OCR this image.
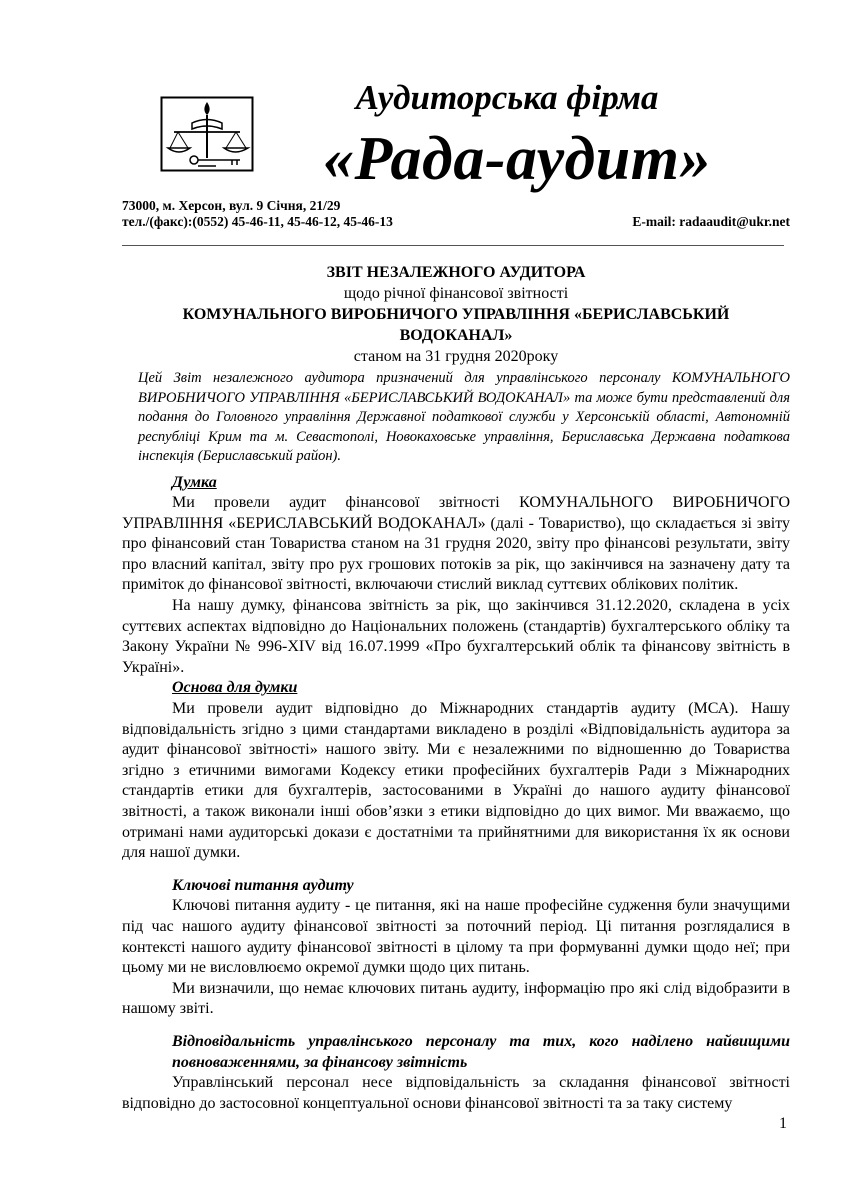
Аудиторська фірма
«Рада-аудит»
73000, м. Херсон, вул. 9 Січня, 21/29
тел./(факс):(0552) 45-46-11, 45-46-12, 45-46-13	E-mail: radaaudit@ukr.net
ЗВІТ НЕЗАЛЕЖНОГО АУДИТОРА
щодо річної фінансової звітності
КОМУНАЛЬНОГО ВИРОБНИЧОГО УПРАВЛІННЯ «БЕРИСЛАВСЬКИЙ
ВОДОКАНАЛ»
станом на 31 грудня 2020року

Цей Звіт незалежного аудитора призначений для управлінського персоналу КОМУНАЛЬНОГО ВИРОБНИЧОГО УПРАВЛІННЯ «БЕРИСЛАВСЬКИЙ ВОДОКАНАЛ» та може бути представлений для подання до Головного управління Державної податкової служби у Херсонській області, Автономній республіці Крим та м. Севастополі, Новокаховське управління, Бериславська Державна податкова інспекція (Бериславський район).

Думка

Ми провели аудит фінансової звітності КОМУНАЛЬНОГО ВИРОБНИЧОГО УПРАВЛІННЯ «БЕРИСЛАВСЬКИЙ ВОДОКАНАЛ» (далі - Товариство), що складається зі звіту про фінансовий стан Товариства станом на 31 грудня 2020, звіту про фінансові результати, звіту про власний капітал, звіту про рух грошових потоків за рік, що закінчився на зазначену дату та приміток до фінансової звітності, включаючи стислий виклад суттєвих облікових політик.

На нашу думку, фінансова звітність за рік, що закінчився 31.12.2020, складена в усіх суттєвих аспектах відповідно до Національних положень (стандартів) бухгалтерського обліку та Закону України № 996-XIV від 16.07.1999 «Про бухгалтерський облік та фінансову звітність в Україні».

Основа для думки

Ми провели аудит відповідно до Міжнародних стандартів аудиту (МСА). Нашу відповідальність згідно з цими стандартами викладено в розділі «Відповідальність аудитора за аудит фінансової звітності» нашого звіту. Ми є незалежними по відношенню до Товариства згідно з етичними вимогами Кодексу етики професійних бухгалтерів Ради з Міжнародних стандартів етики для бухгалтерів, застосованими в Україні до нашого аудиту фінансової звітності, а також виконали інші обов’язки з етики відповідно до цих вимог. Ми вважаємо, що отримані нами аудиторські докази є достатніми та прийнятними для використання їх як основи для нашої думки.

Ключові питання аудиту

Ключові питання аудиту - це питання, які на наше професійне судження були значущими під час нашого аудиту фінансової звітності за поточний період. Ці питання розглядалися в контексті нашого аудиту фінансової звітності в цілому та при формуванні думки щодо неї; при цьому ми не висловлюємо окремої думки щодо цих питань.

Ми визначили, що немає ключових питань аудиту, інформацію про які слід відобразити в нашому звіті.

Відповідальність управлінського персоналу та тих, кого наділено найвищими повноваженнями, за фінансову звітність

Управлінський персонал несе відповідальність за складання фінансової звітності відповідно до застосовної концептуальної основи фінансової звітності та за таку систему

1
